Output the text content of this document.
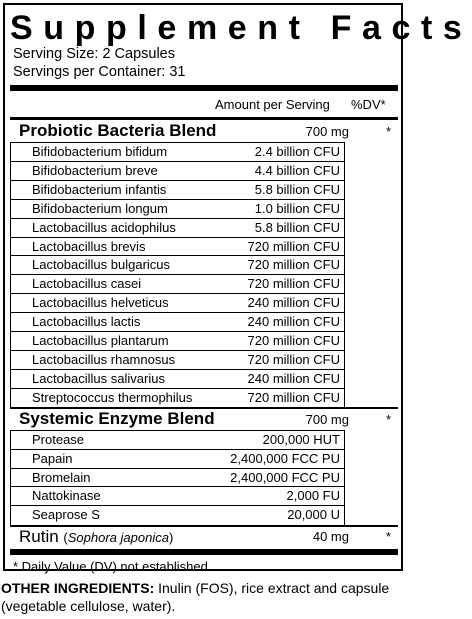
Supplement Facts
Serving Size: 2 Capsules
Servings per Container: 31
Amount per Serving %DV*
Probiotic Bacteria Blend	700 mg	*
Bifidobacterium bifidum	2.4 billion CFU
Bifidobacterium breve	4.4 billion CFU
Bifidobacterium infantis	5.8 billion CFU
Bifidobacterium longum	1.0 billion CFU
Lactobacillus acidophilus	5.8 billion CFU
Lactobacillus brevis	720 million CFU
Lactobacillus bulgaricus	720 million CFU
Lactobacillus casei	720 million CFU
Lactobacillus helveticus	240 million CFU
Lactobacillus lactis	240 million CFU
Lactobacillus plantarum	720 million CFU
Lactobacillus rhamnosus	720 million CFU
Lactobacillus salivarius	240 million CFU
Streptococcus thermophilus	720 million CFU
Systemic Enzyme Blend	700 mg	*
Protease	200,000 HUT
Papain	2,400,000 FCC PU
Bromelain	2,400,000 FCC PU
Nattokinase	2,000 FU
Seaprose S	20,000 U
Rutin (Sophora japonica)	40 mg	*
* Daily Value (DV) not established.
OTHER INGREDIENTS: Inulin (FOS), rice extract and capsule (vegetable cellulose, water).
